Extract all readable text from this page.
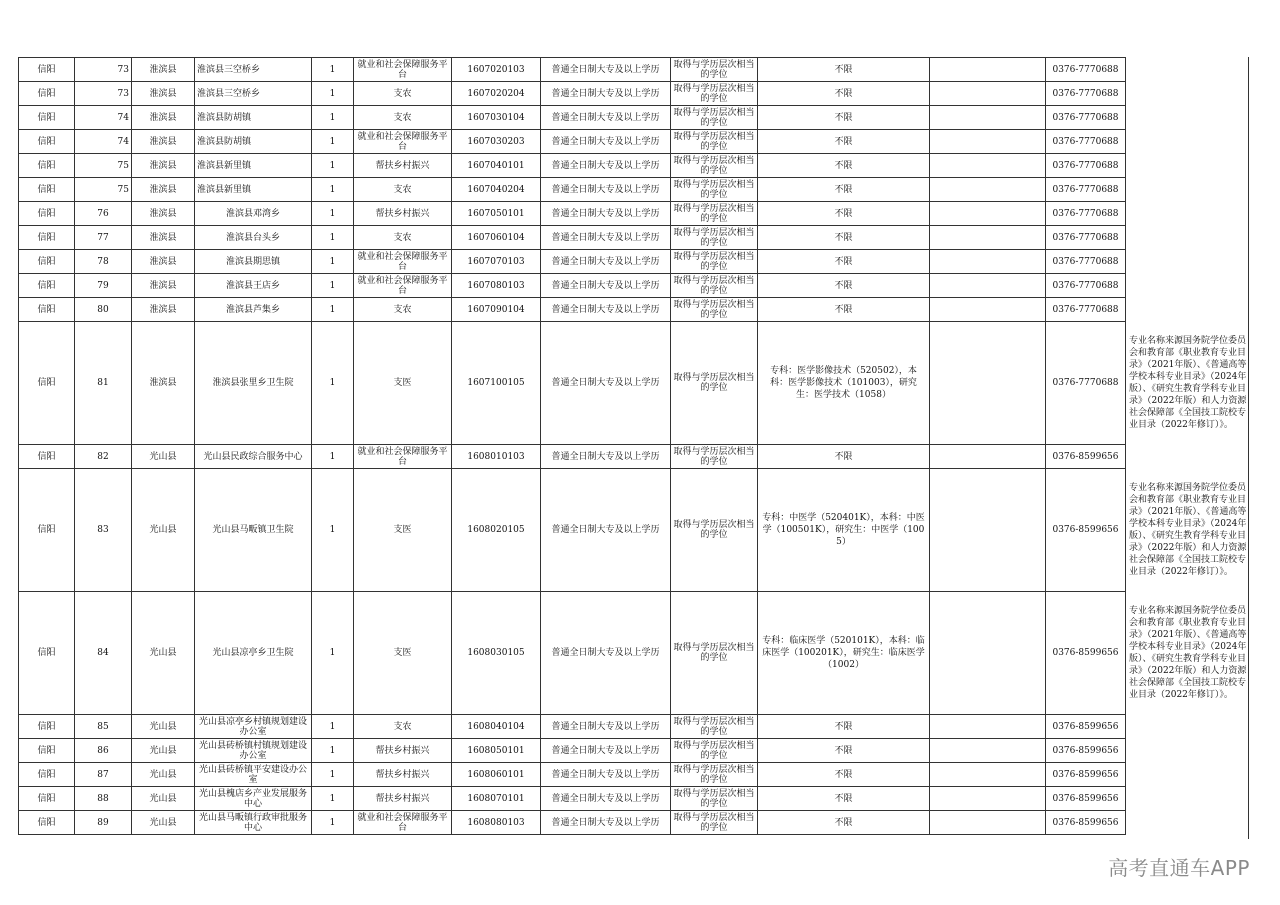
信阳	73	淮滨县	淮滨县三空桥乡	1	就业和社会保障服务平台	1607020103	普通全日制大专及以上学历	取得与学历层次相当的学位	不限		0376-7770688	
信阳	73	淮滨县	淮滨县三空桥乡	1	支农	1607020204	普通全日制大专及以上学历	取得与学历层次相当的学位	不限		0376-7770688	
信阳	74	淮滨县	淮滨县防胡镇	1	支农	1607030104	普通全日制大专及以上学历	取得与学历层次相当的学位	不限		0376-7770688	
信阳	74	淮滨县	淮滨县防胡镇	1	就业和社会保障服务平台	1607030203	普通全日制大专及以上学历	取得与学历层次相当的学位	不限		0376-7770688	
信阳	75	淮滨县	淮滨县新里镇	1	帮扶乡村振兴	1607040101	普通全日制大专及以上学历	取得与学历层次相当的学位	不限		0376-7770688	
信阳	75	淮滨县	淮滨县新里镇	1	支农	1607040204	普通全日制大专及以上学历	取得与学历层次相当的学位	不限		0376-7770688	
信阳	76	淮滨县	淮滨县邓湾乡	1	帮扶乡村振兴	1607050101	普通全日制大专及以上学历	取得与学历层次相当的学位	不限		0376-7770688	
信阳	77	淮滨县	淮滨县台头乡	1	支农	1607060104	普通全日制大专及以上学历	取得与学历层次相当的学位	不限		0376-7770688	
信阳	78	淮滨县	淮滨县期思镇	1	就业和社会保障服务平台	1607070103	普通全日制大专及以上学历	取得与学历层次相当的学位	不限		0376-7770688	
信阳	79	淮滨县	淮滨县王店乡	1	就业和社会保障服务平台	1607080103	普通全日制大专及以上学历	取得与学历层次相当的学位	不限		0376-7770688	
信阳	80	淮滨县	淮滨县芦集乡	1	支农	1607090104	普通全日制大专及以上学历	取得与学历层次相当的学位	不限		0376-7770688	
信阳	81	淮滨县	淮滨县张里乡卫生院	1	支医	1607100105	普通全日制大专及以上学历	取得与学历层次相当的学位	专科：医学影像技术（520502），本科：医学影像技术（101003），研究生：医学技术（1058）		0376-7770688	专业名称来源国务院学位委员会和教育部《职业教育专业目录》（2021年版）、《普通高等学校本科专业目录》（2024年版）、《研究生教育学科专业目录》（2022年版）和人力资源社会保障部《全国技工院校专业目录（2022年修订）》。
信阳	82	光山县	光山县民政综合服务中心	1	就业和社会保障服务平台	1608010103	普通全日制大专及以上学历	取得与学历层次相当的学位	不限		0376-8599656	
信阳	83	光山县	光山县马畈镇卫生院	1	支医	1608020105	普通全日制大专及以上学历	取得与学历层次相当的学位	专科：中医学（520401K），本科：中医学（100501K），研究生：中医学（1005）		0376-8599656	专业名称来源国务院学位委员会和教育部《职业教育专业目录》（2021年版）、《普通高等学校本科专业目录》（2024年版）、《研究生教育学科专业目录》（2022年版）和人力资源社会保障部《全国技工院校专业目录（2022年修订）》。
信阳	84	光山县	光山县凉亭乡卫生院	1	支医	1608030105	普通全日制大专及以上学历	取得与学历层次相当的学位	专科：临床医学（520101K），本科：临床医学（100201K），研究生：临床医学（1002）		0376-8599656	专业名称来源国务院学位委员会和教育部《职业教育专业目录》（2021年版）、《普通高等学校本科专业目录》（2024年版）、《研究生教育学科专业目录》（2022年版）和人力资源社会保障部《全国技工院校专业目录（2022年修订）》。
信阳	85	光山县	光山县凉亭乡村镇规划建设办公室	1	支农	1608040104	普通全日制大专及以上学历	取得与学历层次相当的学位	不限		0376-8599656	
信阳	86	光山县	光山县砖桥镇村镇规划建设办公室	1	帮扶乡村振兴	1608050101	普通全日制大专及以上学历	取得与学历层次相当的学位	不限		0376-8599656	
信阳	87	光山县	光山县砖桥镇平安建设办公室	1	帮扶乡村振兴	1608060101	普通全日制大专及以上学历	取得与学历层次相当的学位	不限		0376-8599656	
信阳	88	光山县	光山县槐店乡产业发展服务中心	1	帮扶乡村振兴	1608070101	普通全日制大专及以上学历	取得与学历层次相当的学位	不限		0376-8599656	
信阳	89	光山县	光山县马畈镇行政审批服务中心	1	就业和社会保障服务平台	1608080103	普通全日制大专及以上学历	取得与学历层次相当的学位	不限		0376-8599656	
高考直通车APP
